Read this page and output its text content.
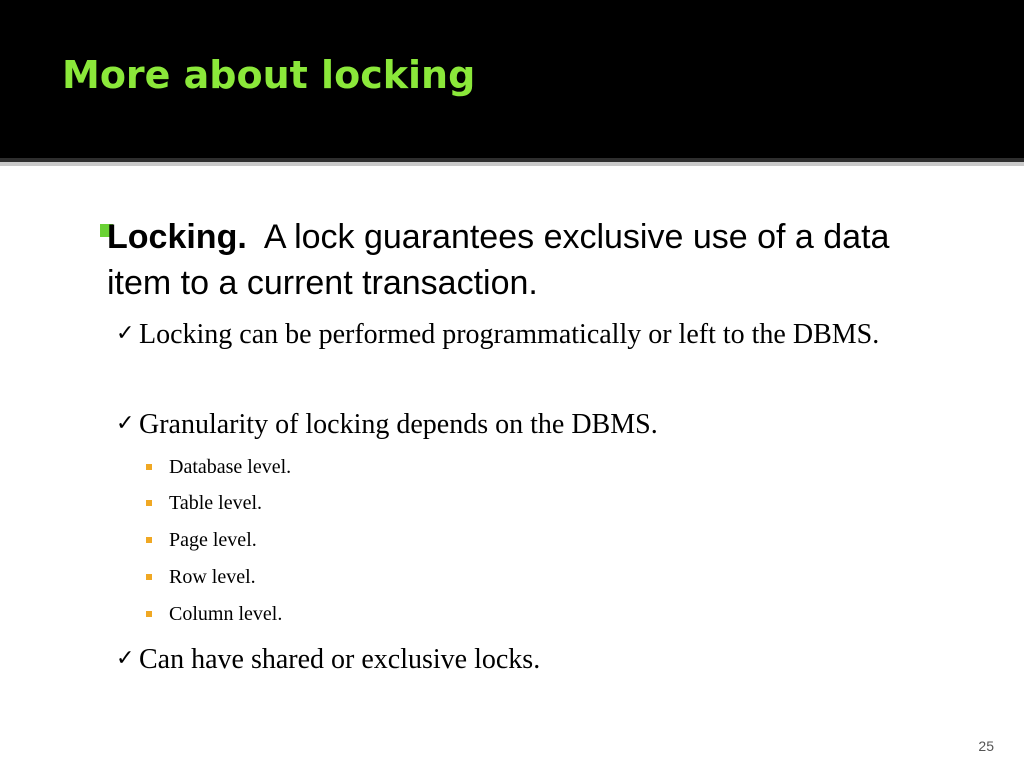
More about locking
Locking. A lock guarantees exclusive use of a data item to a current transaction.
✓ Locking can be performed programmatically or left to the DBMS.
✓ Granularity of locking depends on the DBMS.
Database level.
Table level.
Page level.
Row level.
Column level.
✓ Can have shared or exclusive locks.
25
